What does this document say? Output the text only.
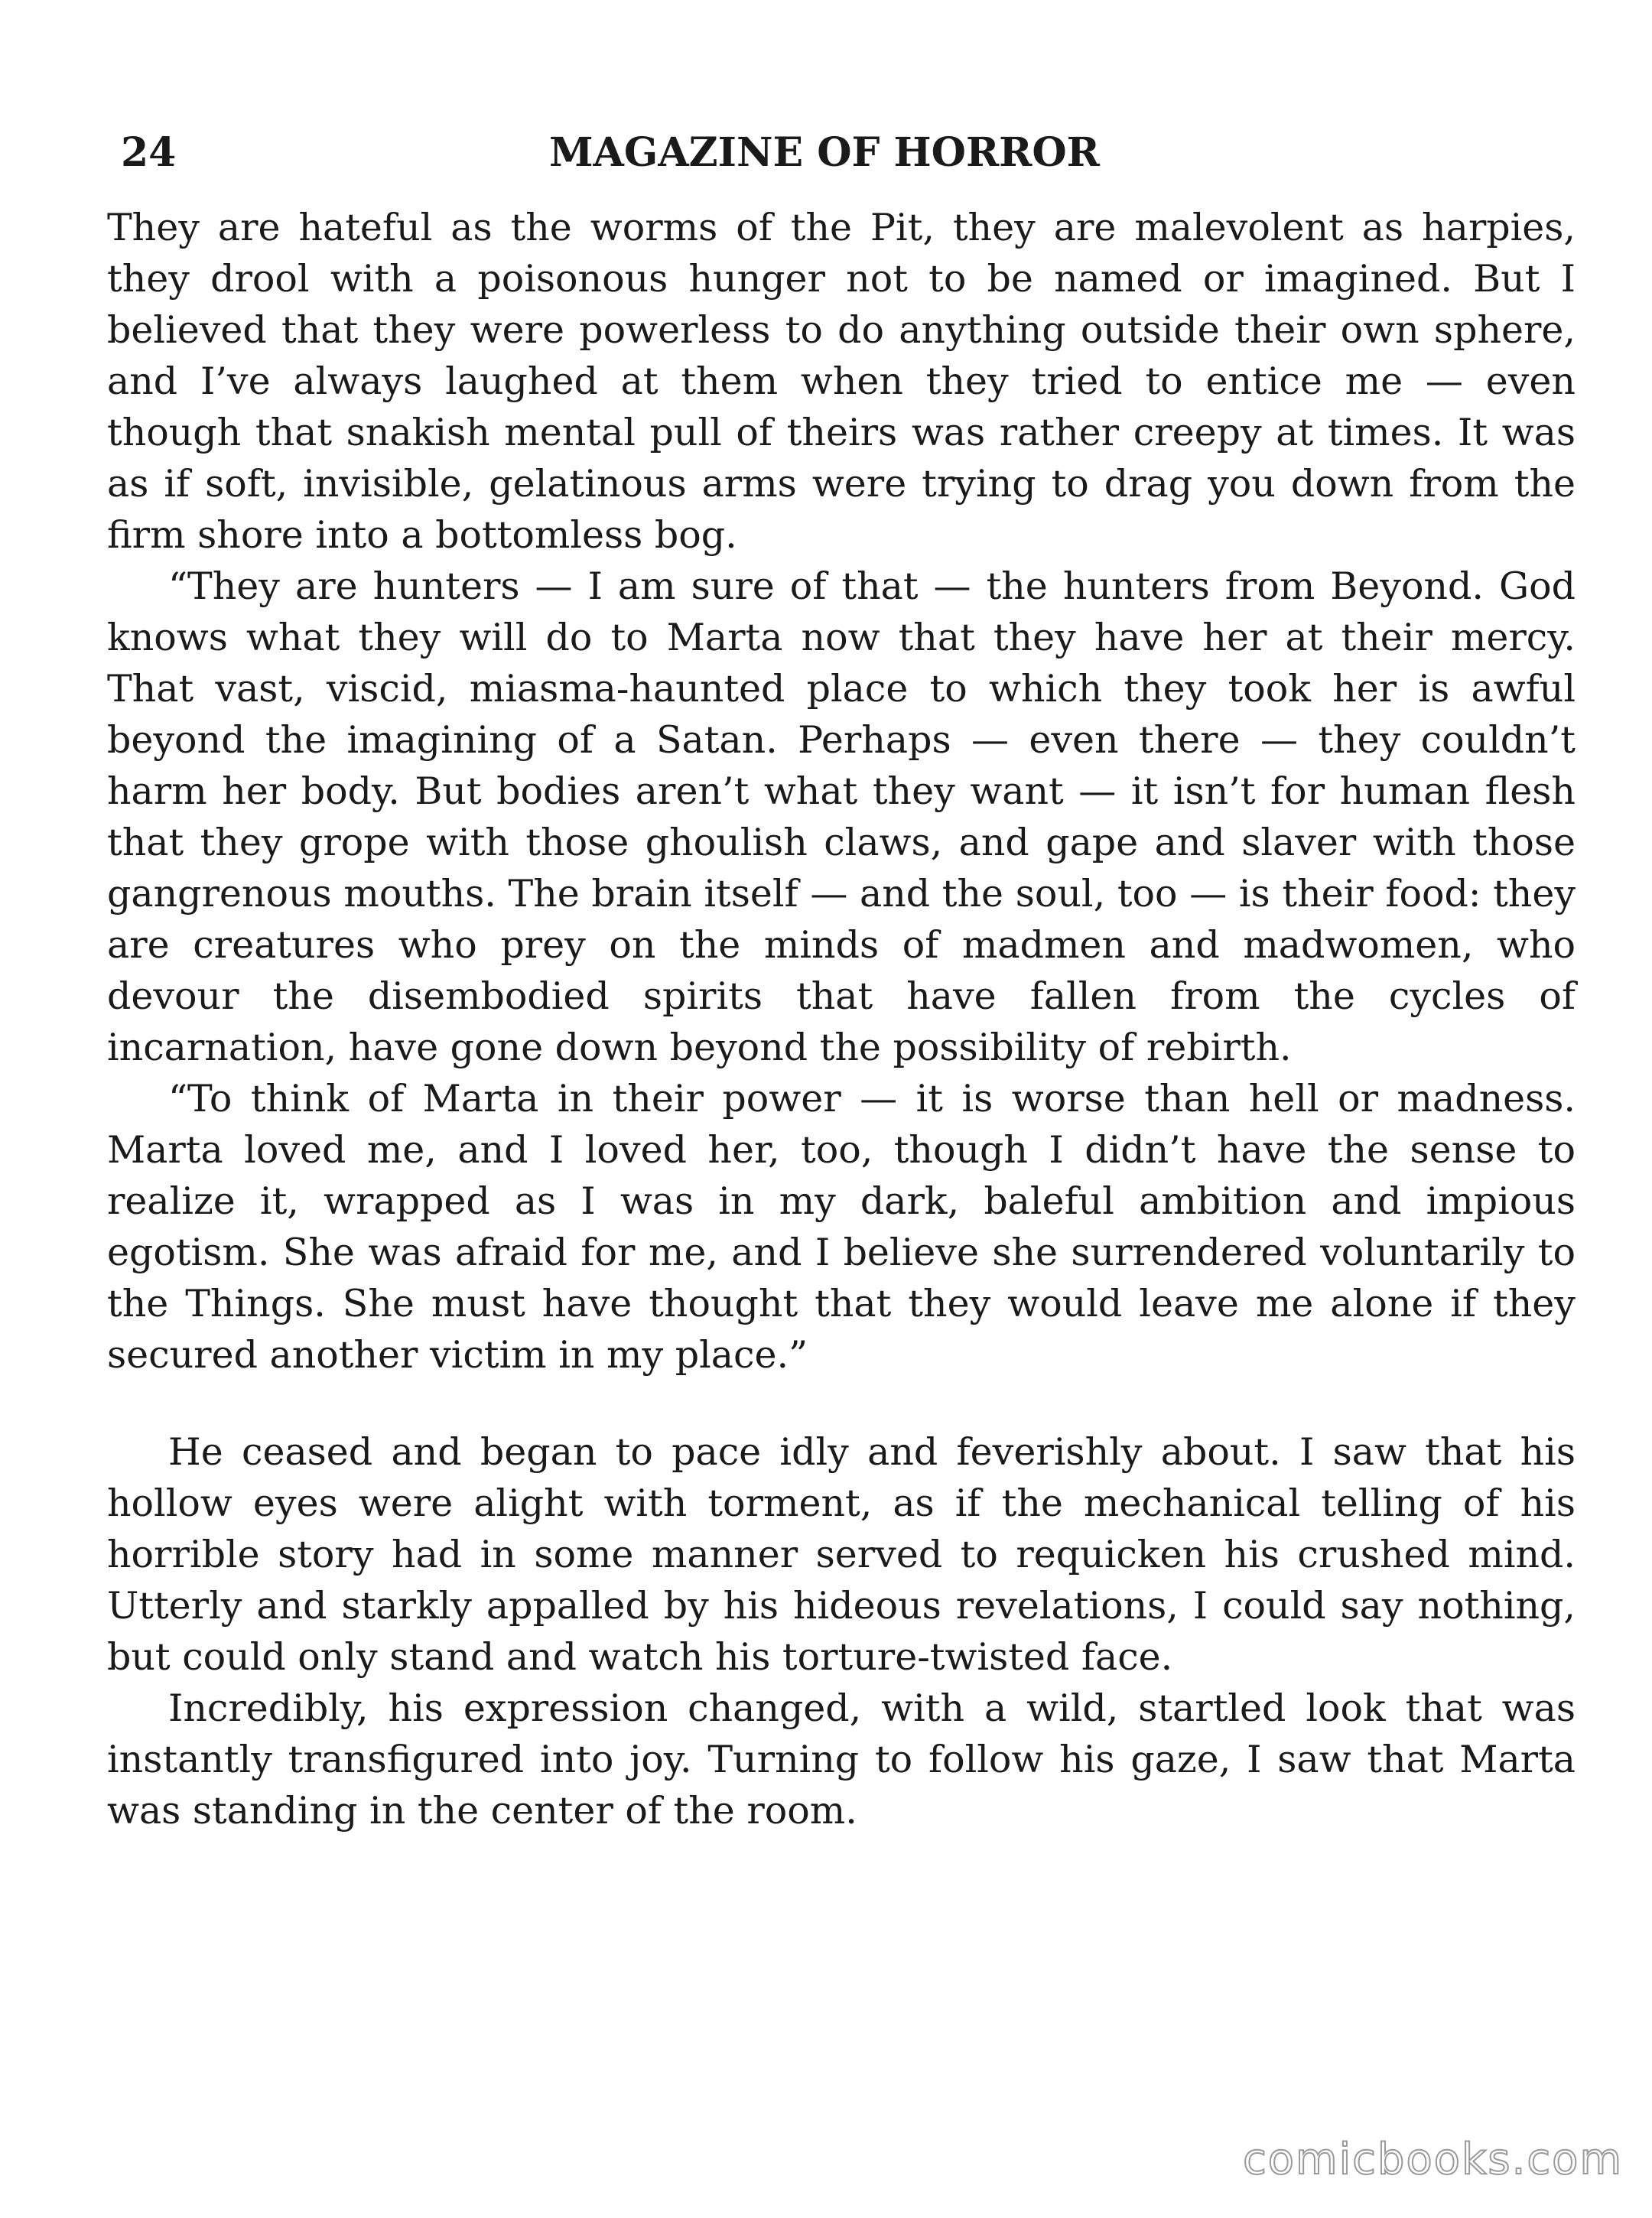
24	MAGAZINE OF HORROR

They are hateful as the worms of the Pit, they are malevolent as harpies, they drool with a poisonous hunger not to be named or imagined. But I believed that they were powerless to do anything outside their own sphere, and I’ve always laughed at them when they tried to entice me — even though that snakish mental pull of theirs was rather creepy at times. It was as if soft, invisible, gelatinous arms were trying to drag you down from the firm shore into a bottomless bog.

“They are hunters — I am sure of that — the hunters from Beyond. God knows what they will do to Marta now that they have her at their mercy. That vast, viscid, miasma-haunted place to which they took her is awful beyond the imagining of a Satan. Perhaps — even there — they couldn’t harm her body. But bodies aren’t what they want — it isn’t for human flesh that they grope with those ghoulish claws, and gape and slaver with those gangrenous mouths. The brain itself — and the soul, too — is their food: they are creatures who prey on the minds of madmen and madwomen, who devour the disembodied spirits that have fallen from the cycles of incarnation, have gone down beyond the possibility of rebirth.

“To think of Marta in their power — it is worse than hell or madness. Marta loved me, and I loved her, too, though I didn’t have the sense to realize it, wrapped as I was in my dark, baleful ambition and impious egotism. She was afraid for me, and I believe she surrendered voluntarily to the Things. She must have thought that they would leave me alone if they secured another victim in my place.”

He ceased and began to pace idly and feverishly about. I saw that his hollow eyes were alight with torment, as if the mechanical telling of his horrible story had in some manner served to requicken his crushed mind. Utterly and starkly appalled by his hideous revelations, I could say nothing, but could only stand and watch his torture-twisted face.

Incredibly, his expression changed, with a wild, startled look that was instantly transfigured into joy. Turning to follow his gaze, I saw that Marta was standing in the center of the room.

comicbooks.com
